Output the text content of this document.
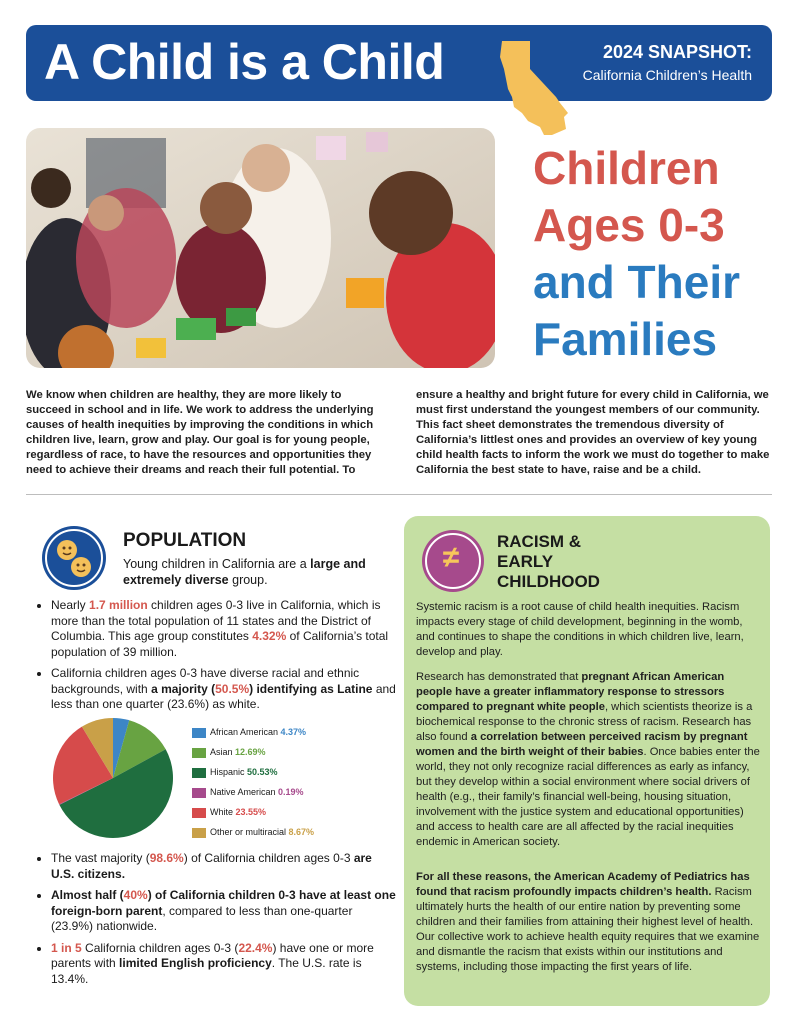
A Child is a Child	2024 SNAPSHOT:
California Children’s Health
Children
Ages 0-3
and Their
Families

We know when children are healthy, they are more likely to succeed in school and in life. We work to address the underlying causes of health inequities by improving the conditions in which children live, learn, grow and play. Our goal is for young people, regardless of race, to have the resources and opportunities they need to achieve their dreams and reach their full potential. To

ensure a healthy and bright future for every child in California, we must first understand the youngest members of our community. This fact sheet demonstrates the tremendous diversity of California’s littlest ones and provides an overview of key young child health facts to inform the work we must do together to make California the best state to have, raise and be a child.

POPULATION
Young children in California are a large and extremely diverse group.
• Nearly 1.7 million children ages 0-3 live in California, which is more than the total population of 11 states and the District of Columbia. This age group constitutes 4.32% of California’s total population of 39 million.
• California children ages 0-3 have diverse racial and ethnic backgrounds, with a majority (50.5%) identifying as Latine and less than one quarter (23.6%) as white.
African American 4.37%
Asian 12.69%
Hispanic 50.53%
Native American 0.19%
White 23.55%
Other or multiracial 8.67%
• The vast majority (98.6%) of California children ages 0-3 are U.S. citizens.
• Almost half (40%) of California children 0-3 have at least one foreign-born parent, compared to less than one-quarter (23.9%) nationwide.
• 1 in 5 California children ages 0-3 (22.4%) have one or more parents with limited English proficiency. The U.S. rate is 13.4%.
≠	RACISM &
EARLY
CHILDHOOD

Systemic racism is a root cause of child health inequities. Racism impacts every stage of child development, beginning in the womb, and continues to shape the conditions in which children live, learn, develop and play.

Research has demonstrated that pregnant African American people have a greater inflammatory response to stressors compared to pregnant white people, which scientists theorize is a biochemical response to the chronic stress of racism. Research has also found a correlation between perceived racism by pregnant women and the birth weight of their babies. Once babies enter the world, they not only recognize racial differences as early as infancy, but they develop within a social environment where social drivers of health (e.g., their family’s financial well-being, housing situation, involvement with the justice system and educational opportunities) and access to health care are all affected by the racial inequities endemic in American society.

For all these reasons, the American Academy of Pediatrics has found that racism profoundly impacts children’s health. Racism ultimately hurts the health of our entire nation by preventing some children and their families from attaining their highest level of health. Our collective work to achieve health equity requires that we examine and dismantle the racism that exists within our institutions and systems, including those impacting the first years of life.
